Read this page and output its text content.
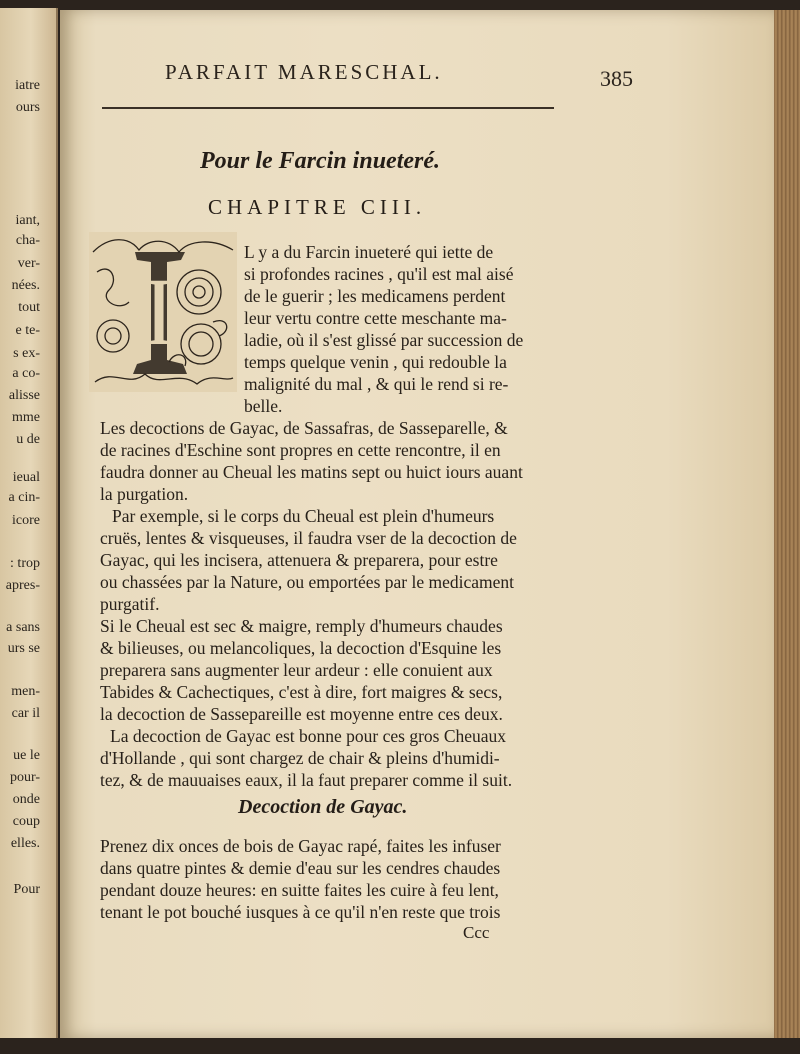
iatre
ours
iant,
cha-
ver-
nées.
tout
e te-
s ex-
a co-
alisse
mme
u de
ieual
a cin-
icore
: trop
apres-
a sans
urs se
men-
car il
ue le
pour-
onde
coup
elles.
Pour
PARFAIT MARESCHAL.	385
Pour le Farcin inueteré.
CHAPITRE CIII.
I
L y a du Farcin inueteré qui iette de
si profondes racines , qu'il est mal aisé
de le guerir ; les medicamens perdent
leur vertu contre cette meschante ma-
ladie, où il s'est glissé par succession de
temps quelque venin , qui redouble la
malignité du mal , & qui le rend si re-
belle.
Les decoctions de Gayac, de Sassafras, de Sasseparelle, &
de racines d'Eschine sont propres en cette rencontre, il en
faudra donner au Cheual les matins sept ou huict iours auant
la purgation.
Par exemple, si le corps du Cheual est plein d'humeurs
cruës, lentes & visqueuses, il faudra vser de la decoction de
Gayac, qui les incisera, attenuera & preparera, pour estre
ou chassées par la Nature, ou emportées par le medicament
purgatif.
Si le Cheual est sec & maigre, remply d'humeurs chaudes
& bilieuses, ou melancoliques, la decoction d'Esquine les
preparera sans augmenter leur ardeur : elle conuient aux
Tabides & Cachectiques, c'est à dire, fort maigres & secs,
la decoction de Sassepareille est moyenne entre ces deux.
La decoction de Gayac est bonne pour ces gros Cheuaux
d'Hollande , qui sont chargez de chair & pleins d'humidi-
tez, & de mauuaises eaux, il la faut preparer comme il suit.
Decoction de Gayac.
Prenez dix onces de bois de Gayac rapé, faites les infuser
dans quatre pintes & demie d'eau sur les cendres chaudes
pendant douze heures: en suitte faites les cuire à feu lent,
tenant le pot bouché iusques à ce qu'il n'en reste que trois
Ccc
